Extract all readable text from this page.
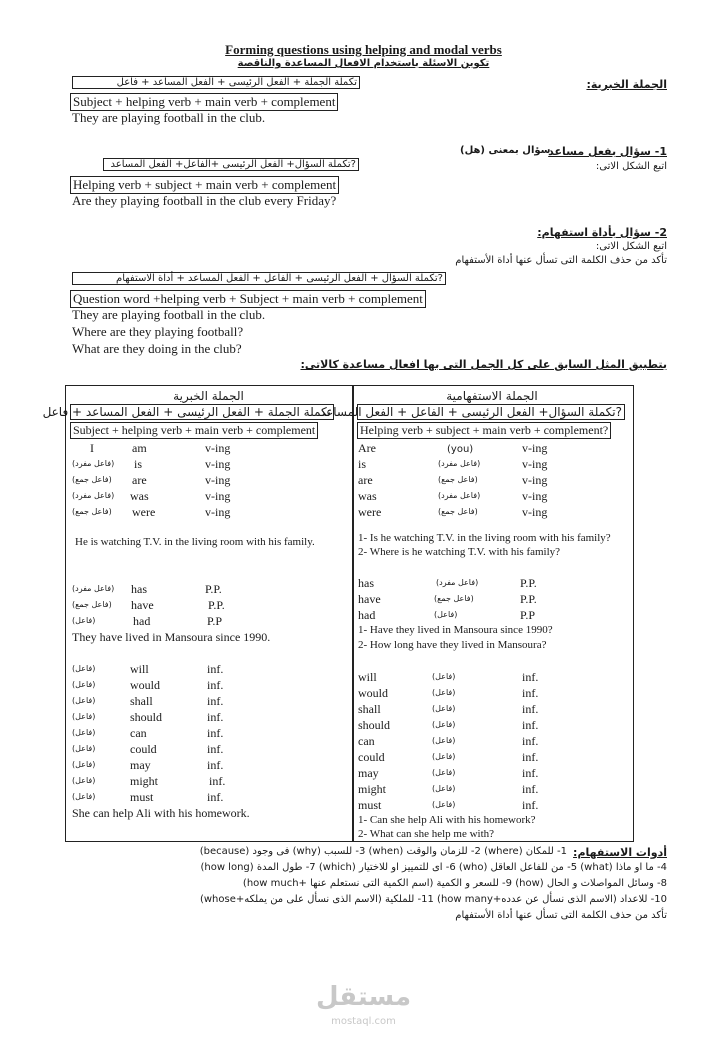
Forming questions using helping and modal verbs
تكوين الاسئلة باستخدام الافعال المساعدة والناقصة
الجملة الخبرية:
تكملة الجملة + الفعل الرئيسى + الفعل المساعد + فاعل
Subject + helping verb + main verb + complement
They are playing football in the club.
1- سؤال بفعل مساعد
سؤال بمعنى (هل)
اتبع الشكل الاتى:
?تكملة السؤال+ الفعل الرئيسى +الفاعل+ الفعل المساعد
Helping verb + subject + main verb + complement
Are they playing football in the club every Friday?
2- سؤال بأداة استفهام:
اتبع الشكل الاتى:
تأكد من حذف الكلمة التى تسأل عنها أداة الأستفهام
?تكملة السؤال + الفعل الرئيسى + الفاعل + الفعل المساعد + أداة الاستفهام
Question word +helping verb + Subject + main verb + complement
They are playing football in the club.
Where are they playing football?
What are they doing in the club?
بتطبيق المثل السابق على كل الجمل التى بها افعال مساعدة كالاتى:
الجملة الخبرية
تكملة الجملة + الفعل الرئيسى + الفعل المساعد + فاعل
Subject + helping verb + main verb + complement
I	am	v-ing
(فاعل مفرد) is	v-ing
(فاعل جمع) are	v-ing
(فاعل مفرد) was	v-ing
(فاعل جمع) were	v-ing
He is watching T.V. in the living room with his family.
(فاعل مفرد) has	P.P.
(فاعل جمع) have	P.P.
(فاعل)	had	P.P
They have lived in Mansoura since 1990.
(فاعل)	will	inf.
(فاعل)	would	inf.
(فاعل)	shall	inf.
(فاعل)	should	inf.
(فاعل)	can	inf.
(فاعل)	could	inf.
(فاعل)	may	inf.
(فاعل)	might	inf.
(فاعل)	must	inf.
She can help Ali with his homework.
الجملة الاستفهامية
?تكملة السؤال+ الفعل الرئيسى + الفاعل + الفعل المساعد
Helping verb + subject + main verb + complement?
Are	(you)	v-ing
is	(فاعل مفرد)	v-ing
are	(فاعل جمع)	v-ing
was	(فاعل مفرد)	v-ing
were	(فاعل جمع)	v-ing
1- Is he watching T.V. in the living room with his family?
2- Where is he watching T.V. with his family?
has	(فاعل مفرد)	P.P.
have	(فاعل جمع)	P.P.
had	(فاعل)	P.P
1- Have they lived in Mansoura since 1990?
2- How long have they lived in Mansoura?
will	(فاعل)	inf.
would	(فاعل)	inf.
shall	(فاعل)	inf.
should	(فاعل)	inf.
can	(فاعل)	inf.
could	(فاعل)	inf.
may	(فاعل)	inf.
might	(فاعل)	inf.
must	(فاعل)	inf.
1- Can she help Ali with his homework?
2- What can she help me with?
أدوات الاستفهام:
1- للمكان (where) 2- للزمان والوقت (when) 3- للسبب (why) فى وجود (because)
4- ما او ماذا (what) 5- من للفاعل العاقل (who) 6- اى للتمييز او للاختيار (which) 7- طول المدة (how long)
8- وسائل المواصلات و الحال (how) 9- للسعر و الكمية (اسم الكمية التى نستعلم عنها +how much)
10- للاعداد (الاسم الذى نسأل عن عدده+how many) 11- للملكية (الاسم الذى نسأل على من يملكه+whose)
تأكد من حذف الكلمة التى تسأل عنها أداة الأستفهام
مستقل
mostaql.com
